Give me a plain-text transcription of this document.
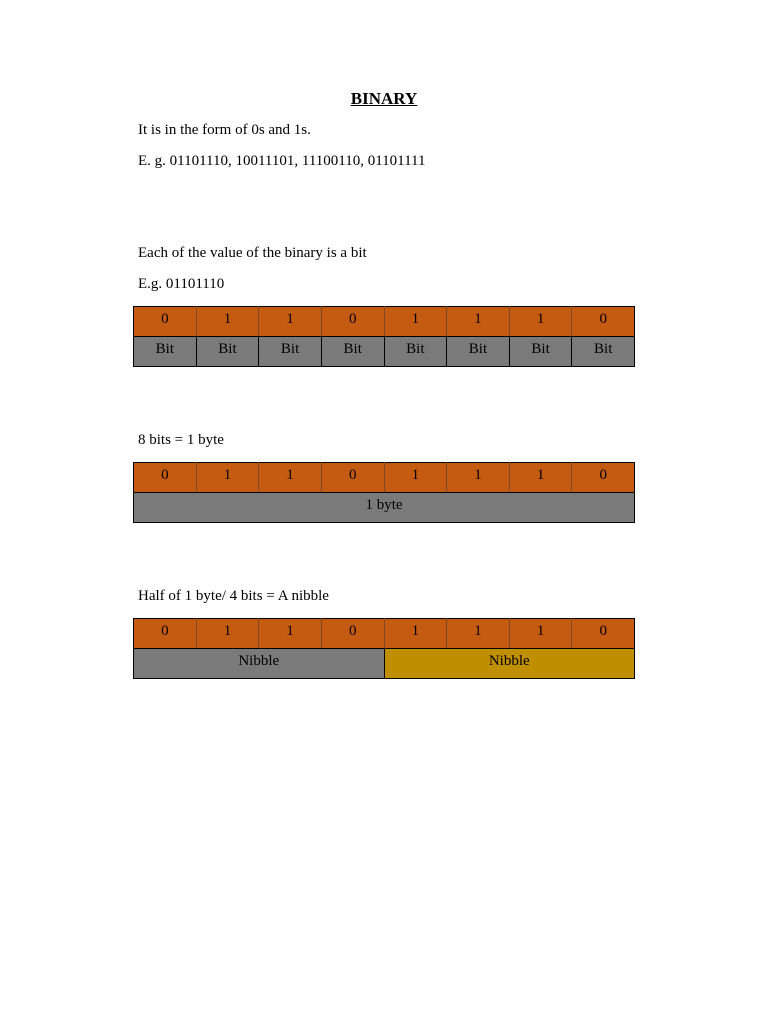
BINARY

It is in the form of 0s and 1s.

E. g. 01101110, 10011101, 11100110, 01101111

Each of the value of the binary is a bit

E.g. 01101110

0	1	1	0	1	1	1	0
Bit	Bit	Bit	Bit	Bit	Bit	Bit	Bit

8 bits = 1 byte

0	1	1	0	1	1	1	0
1 byte

Half of 1 byte/ 4 bits = A nibble

0	1	1	0	1	1	1	0
Nibble				Nibble			
